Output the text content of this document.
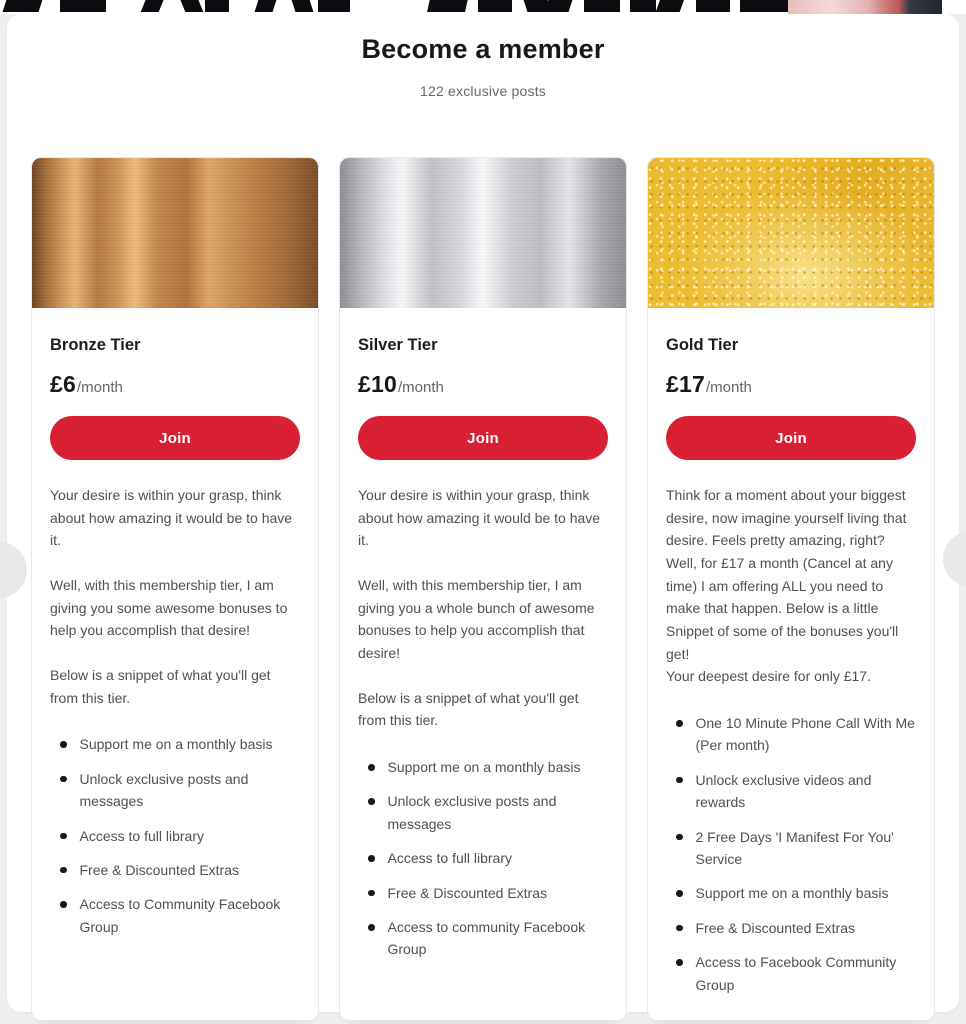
Become a member

122 exclusive posts

Bronze Tier
£6 /month
Join

Your desire is within your grasp, think about how amazing it would be to have it.

Well, with this membership tier, I am giving you some awesome bonuses to help you accomplish that desire!

Below is a snippet of what you'll get from this tier.

Support me on a monthly basis
Unlock exclusive posts and messages
Access to full library
Free & Discounted Extras
Access to Community Facebook Group
Silver Tier
£10 /month
Join

Your desire is within your grasp, think about how amazing it would be to have it.

Well, with this membership tier, I am giving you a whole bunch of awesome bonuses to help you accomplish that desire!

Below is a snippet of what you'll get from this tier.

Support me on a monthly basis
Unlock exclusive posts and messages
Access to full library
Free & Discounted Extras
Access to community Facebook Group
Gold Tier
£17 /month
Join

Think for a moment about your biggest desire, now imagine yourself living that desire. Feels pretty amazing, right?

Well, for £17 a month (Cancel at any time) I am offering ALL you need to make that happen. Below is a little Snippet of some of the bonuses you'll get!

Your deepest desire for only £17.

One 10 Minute Phone Call With Me (Per month)
Unlock exclusive videos and rewards
2 Free Days 'I Manifest For You' Service
Support me on a monthly basis
Free & Discounted Extras
Access to Facebook Community Group
